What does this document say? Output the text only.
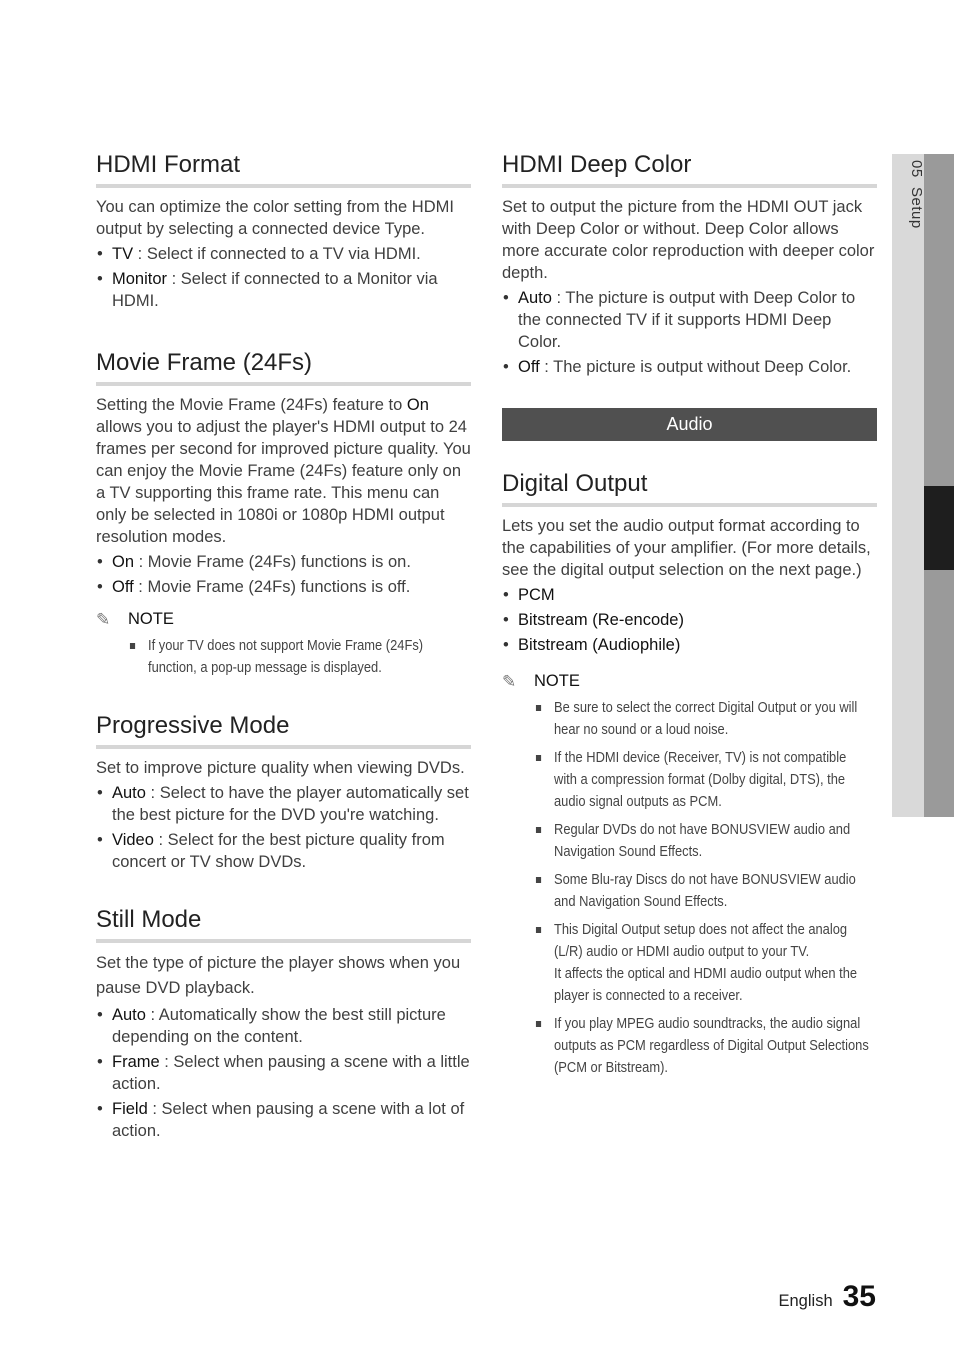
05  Setup
HDMI Format

You can optimize the color setting from the HDMI output by selecting a connected device Type.

• TV : Select if connected to a TV via HDMI.
• Monitor : Select if connected to a Monitor via HDMI.
Movie Frame (24Fs)

Setting the Movie Frame (24Fs) feature to On allows you to adjust the player's HDMI output to 24 frames per second for improved picture quality. You can enjoy the Movie Frame (24Fs) feature only on a TV supporting this frame rate. This menu can only be selected in 1080i or 1080p HDMI output resolution modes.

• On : Movie Frame (24Fs) functions is on.
• Off : Movie Frame (24Fs) functions is off.
✎	NOTE
If your TV does not support Movie Frame (24Fs) function, a pop-up message is displayed.
Progressive Mode

Set to improve picture quality when viewing DVDs.

• Auto : Select to have the player automatically set the best picture for the DVD you're watching.
• Video : Select for the best picture quality from concert or TV show DVDs.
Still Mode

Set the type of picture the player shows when you pause DVD playback.

• Auto : Automatically show the best still picture depending on the content.
• Frame : Select when pausing a scene with a little action.
• Field : Select when pausing a scene with a lot of action.
HDMI Deep Color

Set to output the picture from the HDMI OUT jack with Deep Color or without. Deep Color allows more accurate color reproduction with deeper color depth.

• Auto : The picture is output with Deep Color to the connected TV if it supports HDMI Deep Color.
• Off : The picture is output without Deep Color.
Audio
Digital Output

Lets you set the audio output format according to the capabilities of your amplifier. (For more details, see the digital output selection on the next page.)

• PCM
• Bitstream (Re-encode)
• Bitstream (Audiophile)
✎	NOTE
Be sure to select the correct Digital Output or you will hear no sound or a loud noise.
If the HDMI device (Receiver, TV) is not compatible with a compression format (Dolby digital, DTS), the audio signal outputs as PCM.
Regular DVDs do not have BONUSVIEW audio and Navigation Sound Effects.
Some Blu-ray Discs do not have BONUSVIEW audio and Navigation Sound Effects.
This Digital Output setup does not affect the analog (L/R) audio or HDMI audio output to your TV.
It affects the optical and HDMI audio output when the player is connected to a receiver.
If you play MPEG audio soundtracks, the audio signal outputs as PCM regardless of Digital Output Selections (PCM or Bitstream).
English 35
